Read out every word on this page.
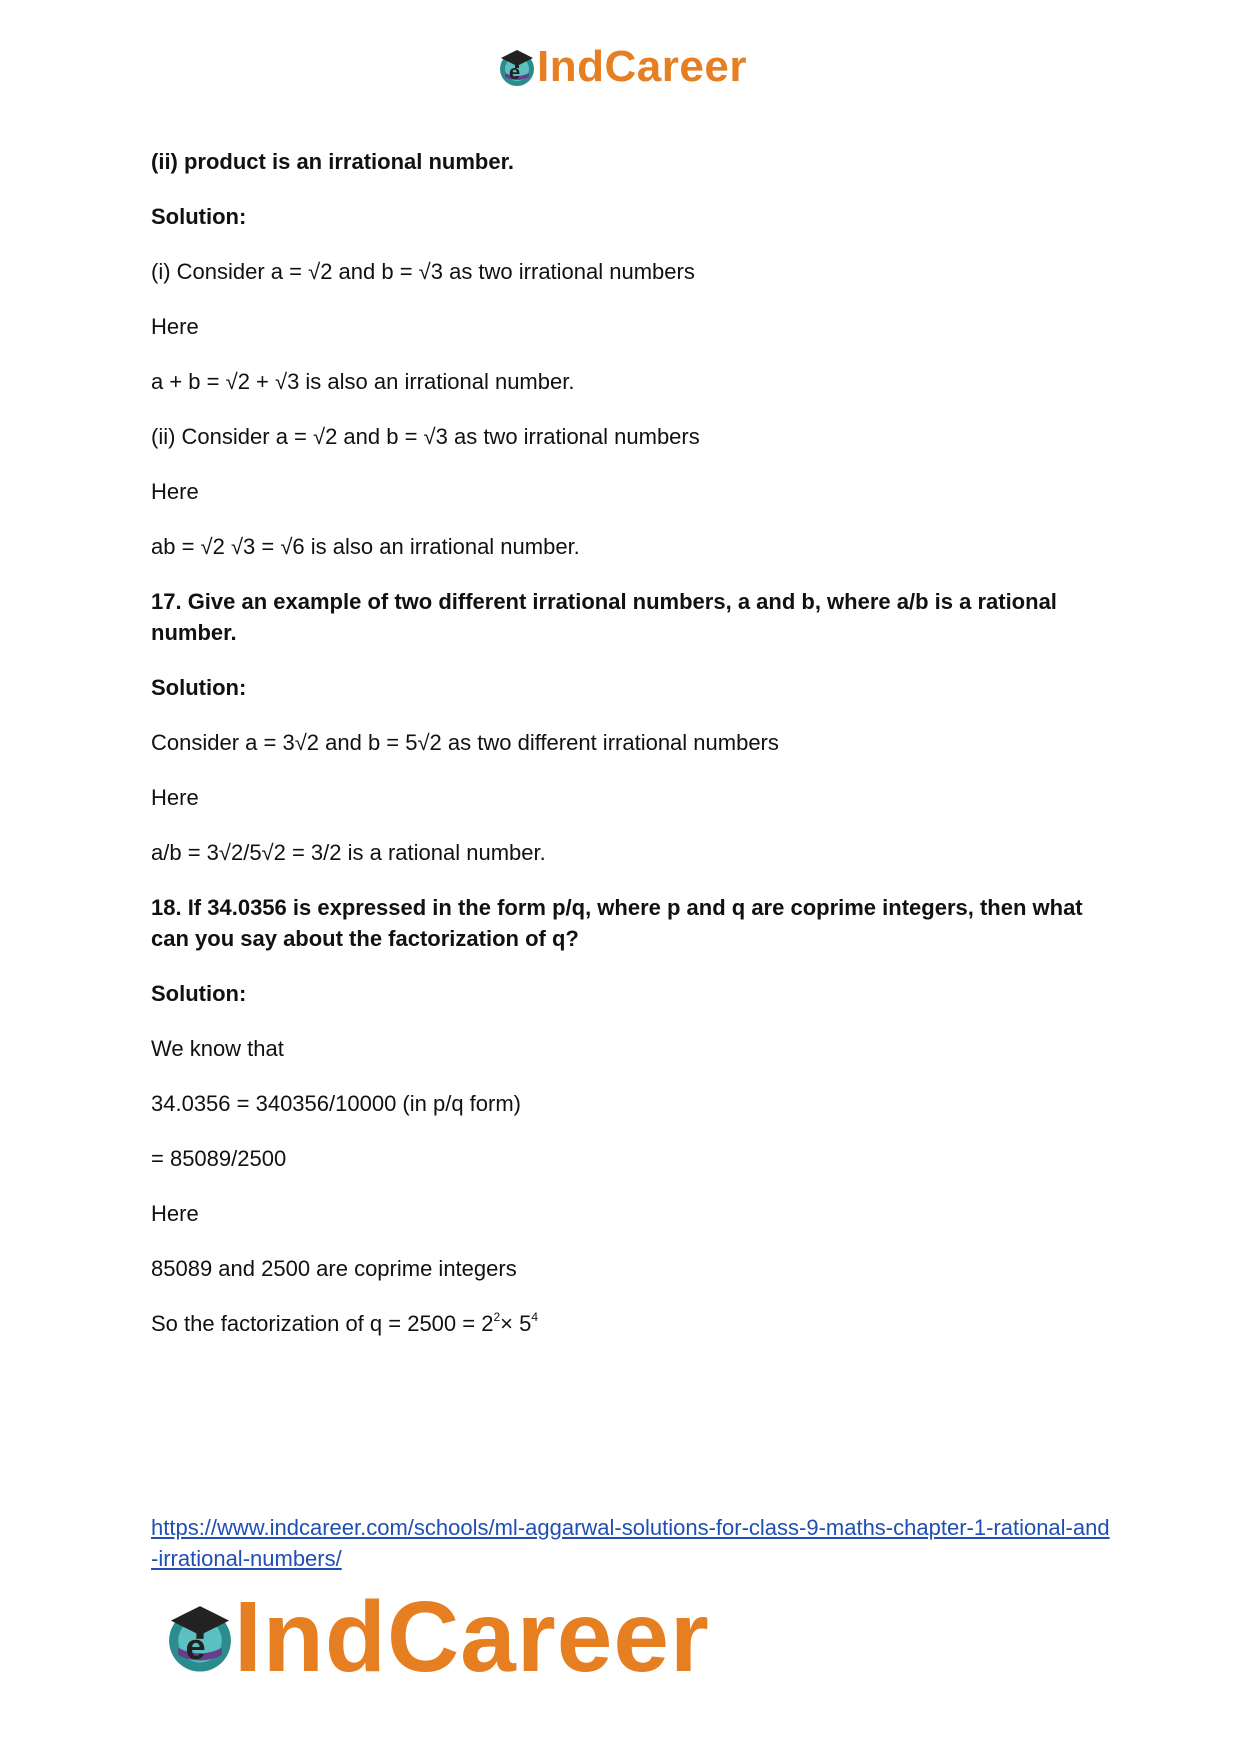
e IndCareer

(ii) product is an irrational number.

Solution:

(i) Consider a = √2 and b = √3 as two irrational numbers

Here

a + b = √2 + √3 is also an irrational number.

(ii) Consider a = √2 and b = √3 as two irrational numbers

Here

ab = √2 √3 = √6 is also an irrational number.

17. Give an example of two different irrational numbers, a and b, where a/b is a rational number.

Solution:

Consider a = 3√2 and b = 5√2 as two different irrational numbers

Here

a/b = 3√2/5√2 = 3/2 is a rational number.

18. If 34.0356 is expressed in the form p/q, where p and q are coprime integers, then what can you say about the factorization of q?

Solution:

We know that

34.0356 = 340356/10000 (in p/q form)

= 85089/2500

Here

85089 and 2500 are coprime integers

So the factorization of $q = 2500 = 2^2\times 5^4$

https://www.indcareer.com/schools/ml-aggarwal-solutions-for-class-9-maths-chapter-1-rational-and-irrational-numbers/
e IndCareer
